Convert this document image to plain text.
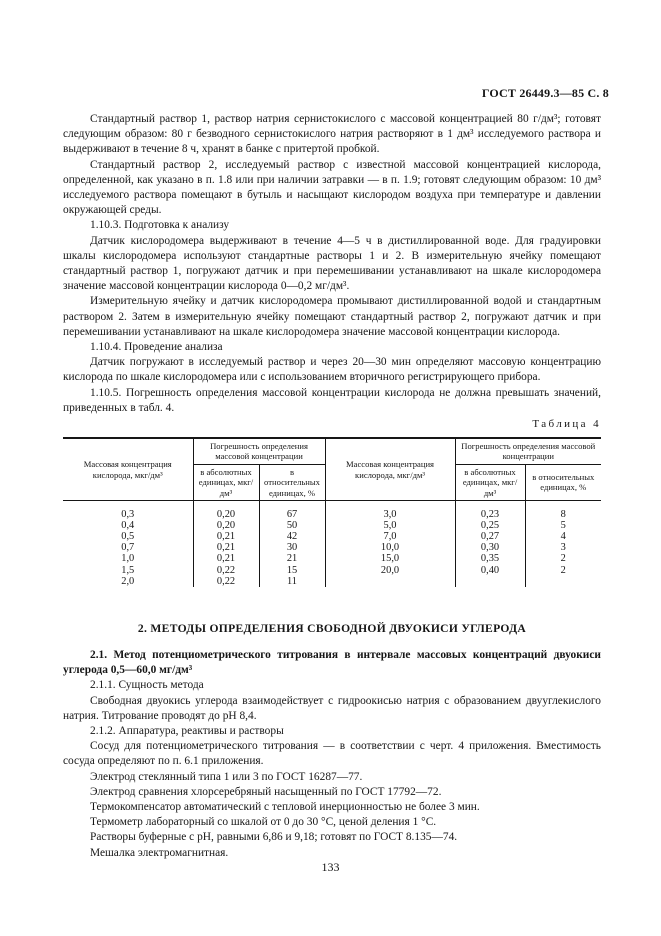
ГОСТ 26449.3—85 С. 8

Стандартный раствор 1, раствор натрия сернистокислого с массовой концентрацией 80 г/дм³; готовят следующим образом: 80 г безводного сернистокислого натрия растворяют в 1 дм³ исследуемого раствора и выдерживают в течение 8 ч, хранят в банке с притертой пробкой.

Стандартный раствор 2, исследуемый раствор с известной массовой концентрацией кислорода, определенной, как указано в п. 1.8 или при наличии затравки — в п. 1.9; готовят следующим образом: 10 дм³ исследуемого раствора помещают в бутыль и насыщают кислородом воздуха при температуре и давлении окружающей среды.

1.10.3. Подготовка к анализу

Датчик кислородомера выдерживают в течение 4—5 ч в дистиллированной воде. Для градуировки шкалы кислородомера используют стандартные растворы 1 и 2. В измерительную ячейку помещают стандартный раствор 1, погружают датчик и при перемешивании устанавливают на шкале кислородомера значение массовой концентрации кислорода 0—0,2 мг/дм³.

Измерительную ячейку и датчик кислородомера промывают дистиллированной водой и стандартным раствором 2. Затем в измерительную ячейку помещают стандартный раствор 2, погружают датчик и при перемешивании устанавливают на шкале кислородомера значение массовой концентрации кислорода.

1.10.4. Проведение анализа

Датчик погружают в исследуемый раствор и через 20—30 мин определяют массовую концентрацию кислорода по шкале кислородомера или с использованием вторичного регистрирующего прибора.

1.10.5. Погрешность определения массовой концентрации кислорода не должна превышать значений, приведенных в табл. 4.

Таблица 4
Массовая концентрация кислорода, мкг/дм³	Погрешность определения массовой концентрации		Массовая концентрация кислорода, мкг/дм³	Погрешность определения массовой концентрации	
	в абсолютных единицах, мкг/дм³	в относительных единицах, %		в абсолютных единицах, мкг/дм³	в относительных единицах, %

0,3	0,20	67	3,0	0,23	8
0,4	0,20	50	5,0	0,25	5
0,5	0,21	42	7,0	0,27	4
0,7	0,21	30	10,0	0,30	3
1,0	0,21	21	15,0	0,35	2
1,5	0,22	15	20,0	0,40	2
2,0	0,22	11			
2. МЕТОДЫ ОПРЕДЕЛЕНИЯ СВОБОДНОЙ ДВУОКИСИ УГЛЕРОДА

2.1. Метод потенциометрического титрования в интервале массовых концентраций двуокиси углерода 0,5—60,0 мг/дм³

2.1.1. Сущность метода

Свободная двуокись углерода взаимодействует с гидроокисью натрия с образованием двууглекислого натрия. Титрование проводят до pH 8,4.

2.1.2. Аппаратура, реактивы и растворы

Сосуд для потенциометрического титрования — в соответствии с черт. 4 приложения. Вместимость сосуда определяют по п. 6.1 приложения.

Электрод стеклянный типа 1 или 3 по ГОСТ 16287—77.

Электрод сравнения хлорсеребряный насыщенный по ГОСТ 17792—72.

Термокомпенсатор автоматический с тепловой инерционностью не более 3 мин.

Термометр лабораторный со шкалой от 0 до 30 °С, ценой деления 1 °С.

Растворы буферные с pH, равными 6,86 и 9,18; готовят по ГОСТ 8.135—74.

Мешалка электромагнитная.

133
